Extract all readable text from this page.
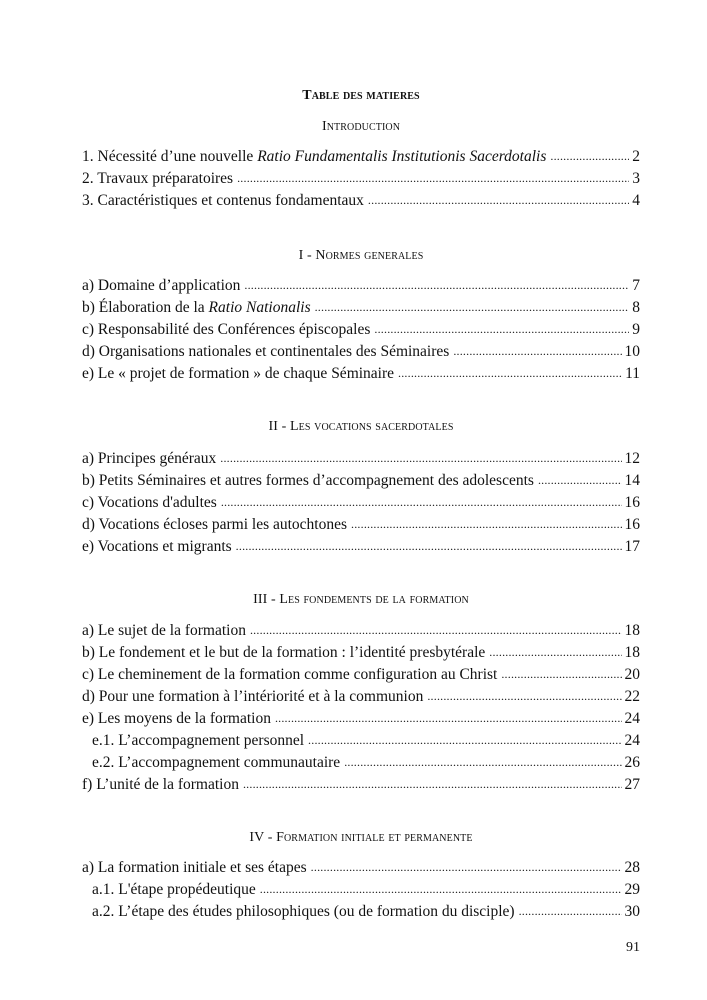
Table des matieres
Introduction
1. Nécessité d’une nouvelle Ratio Fundamentalis Institutionis Sacerdotalis .....	2
2. Travaux préparatoires .....	3
3. Caractéristiques et contenus fondamentaux .....	4
I - Normes generales
a) Domaine d’application .....	7
b) Élaboration de la Ratio Nationalis .....	8
c) Responsabilité des Conférences épiscopales .....	9
d) Organisations nationales et continentales des Séminaires .....	10
e) Le « projet de formation » de chaque Séminaire .....	11
II - Les vocations sacerdotales
a) Principes généraux .....	12
b) Petits Séminaires et autres formes d’accompagnement des adolescents .....	14
c) Vocations d'adultes .....	16
d) Vocations écloses parmi les autochtones .....	16
e) Vocations et migrants .....	17
III - Les fondements de la formation
a) Le sujet de la formation .....	18
b) Le fondement et le but de la formation : l’identité presbytérale .....	18
c) Le cheminement de la formation comme configuration au Christ .....	20
d) Pour une formation à l’intériorité et à la communion .....	22
e) Les moyens de la formation .....	24
e.1. L’accompagnement personnel .....	24
e.2. L’accompagnement communautaire .....	26
f) L’unité de la formation .....	27
IV - Formation initiale et permanente
a) La formation initiale et ses étapes .....	28
a.1. L'étape propédeutique .....	29
a.2. L’étape des études philosophiques (ou de formation du disciple) .....	30
91
